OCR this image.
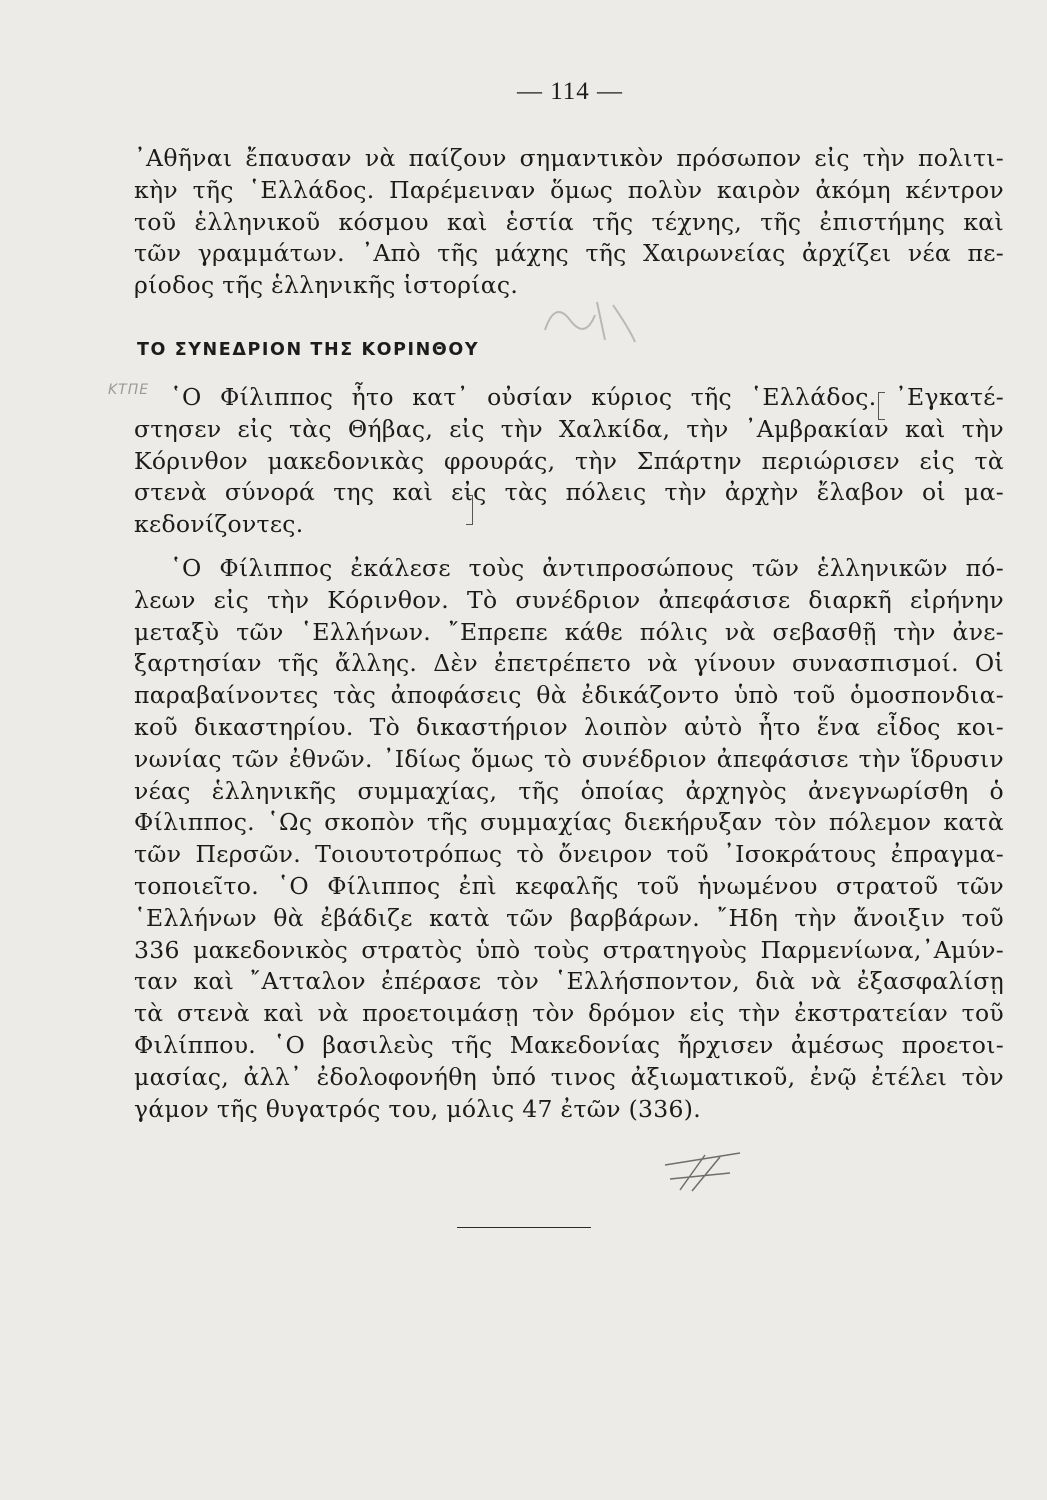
— 114 —
᾿Αθῆναι ἔπαυσαν νὰ παίζουν σημαντικὸν πρόσωπον εἰς τὴν πολιτι-
κὴν τῆς ῾Ελλάδος. Παρέμειναν ὅμως πολὺν καιρὸν ἀκόμη κέντρον
τοῦ ἑλληνικοῦ κόσμου καὶ ἑστία τῆς τέχνης, τῆς ἐπιστήμης καὶ
τῶν γραμμάτων. ᾿Απὸ τῆς μάχης τῆς Χαιρωνείας ἀρχίζει νέα πε-
ρίοδος τῆς ἑλληνικῆς ἱστορίας.
ΤΟ ΣΥΝΕΔΡΙΟΝ ΤΗΣ ΚΟΡΙΝΘΟΥ
ΚΤΠΕ ῾Ο Φίλιππος ἦτο κατ᾿ οὐσίαν κύριος τῆς ῾Ελλάδος. ᾿Εγκατέ-
στησεν εἰς τὰς Θήβας, εἰς τὴν Χαλκίδα, τὴν ᾿Αμβρακίαν καὶ τὴν
Κόρινθον μακεδονικὰς φρουράς, τὴν Σπάρτην περιώρισεν εἰς τὰ
στενὰ σύνορά της καὶ εἰς τὰς πόλεις τὴν ἀρχὴν ἔλαβον οἱ μα-
κεδονίζοντες.
῾Ο Φίλιππος ἐκάλεσε τοὺς ἀντιπροσώπους τῶν ἑλληνικῶν πό-
λεων εἰς τὴν Κόρινθον. Τὸ συνέδριον ἀπεφάσισε διαρκῆ εἰρήνην
μεταξὺ τῶν ῾Ελλήνων. ῎Επρεπε κάθε πόλις νὰ σεβασθῇ τὴν ἀνε-
ξαρτησίαν τῆς ἄλλης. Δὲν ἐπετρέπετο νὰ γίνουν συνασπισμοί. Οἱ
παραβαίνοντες τὰς ἀποφάσεις θὰ ἐδικάζοντο ὑπὸ τοῦ ὁμοσπονδια-
κοῦ δικαστηρίου. Τὸ δικαστήριον λοιπὸν αὐτὸ ἦτο ἕνα εἶδος κοι-
νωνίας τῶν ἐθνῶν. ᾿Ιδίως ὅμως τὸ συνέδριον ἀπεφάσισε τὴν ἵδρυσιν
νέας ἑλληνικῆς συμμαχίας, τῆς ὁποίας ἀρχηγὸς ἀνεγνωρίσθη ὁ
Φίλιππος. ῾Ως σκοπὸν τῆς συμμαχίας διεκήρυξαν τὸν πόλεμον κατὰ
τῶν Περσῶν. Τοιουτοτρόπως τὸ ὄνειρον τοῦ ᾿Ισοκράτους ἐπραγμα-
τοποιεῖτο. ῾Ο Φίλιππος ἐπὶ κεφαλῆς τοῦ ἡνωμένου στρατοῦ τῶν
῾Ελλήνων θὰ ἐβάδιζε κατὰ τῶν βαρβάρων. ῎Ηδη τὴν ἄνοιξιν τοῦ
336 μακεδονικὸς στρατὸς ὑπὸ τοὺς στρατηγοὺς Παρμενίωνα,᾿Αμύν-
ταν καὶ ῎Ατταλον ἐπέρασε τὸν ῾Ελλήσποντον, διὰ νὰ ἐξασφαλίσῃ
τὰ στενὰ καὶ νὰ προετοιμάσῃ τὸν δρόμον εἰς τὴν ἐκστρατείαν τοῦ
Φιλίππου. ῾Ο βασιλεὺς τῆς Μακεδονίας ἤρχισεν ἀμέσως προετοι-
μασίας, ἀλλ᾿ ἐδολοφονήθη ὑπό τινος ἀξιωματικοῦ, ἐνῷ ἐτέλει τὸν
γάμον τῆς θυγατρός του, μόλις 47 ἐτῶν (336).
